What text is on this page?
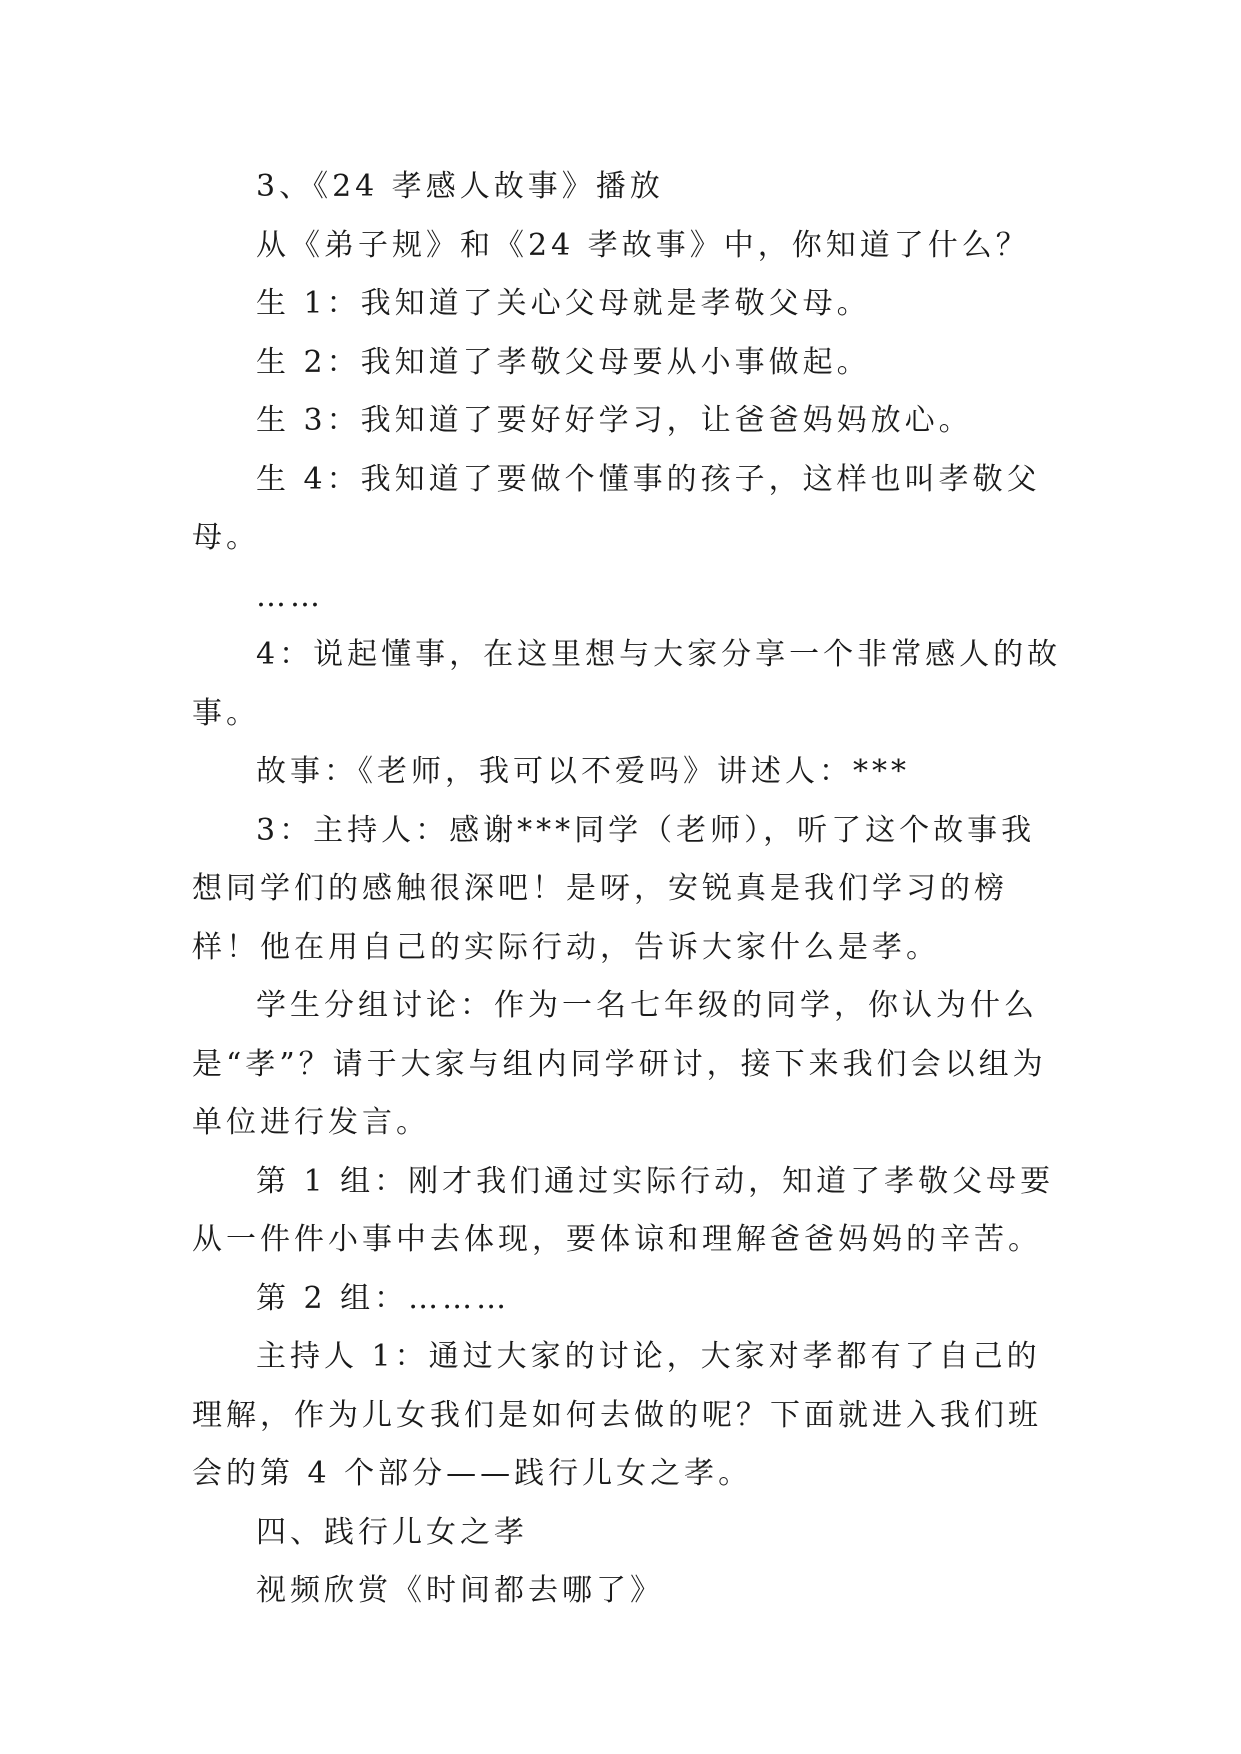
3、《24 孝感人故事》播放

从《弟子规》和《24 孝故事》中，你知道了什么？

生 1：我知道了关心父母就是孝敬父母。

生 2：我知道了孝敬父母要从小事做起。

生 3：我知道了要好好学习，让爸爸妈妈放心。

生 4：我知道了要做个懂事的孩子，这样也叫孝敬父母。

……

4：说起懂事，在这里想与大家分享一个非常感人的故事。

故事：《老师，我可以不爱吗》讲述人：***

3：主持人：感谢***同学（老师），听了这个故事我想同学们的感触很深吧！是呀，安锐真是我们学习的榜样！他在用自己的实际行动，告诉大家什么是孝。

学生分组讨论：作为一名七年级的同学，你认为什么是“孝”？请于大家与组内同学研讨，接下来我们会以组为单位进行发言。

第 1 组：刚才我们通过实际行动，知道了孝敬父母要从一件件小事中去体现，要体谅和理解爸爸妈妈的辛苦。

第 2 组：………

主持人 1：通过大家的讨论，大家对孝都有了自己的理解，作为儿女我们是如何去做的呢？下面就进入我们班会的第 4 个部分——践行儿女之孝。

四、践行儿女之孝

视频欣赏《时间都去哪了》
